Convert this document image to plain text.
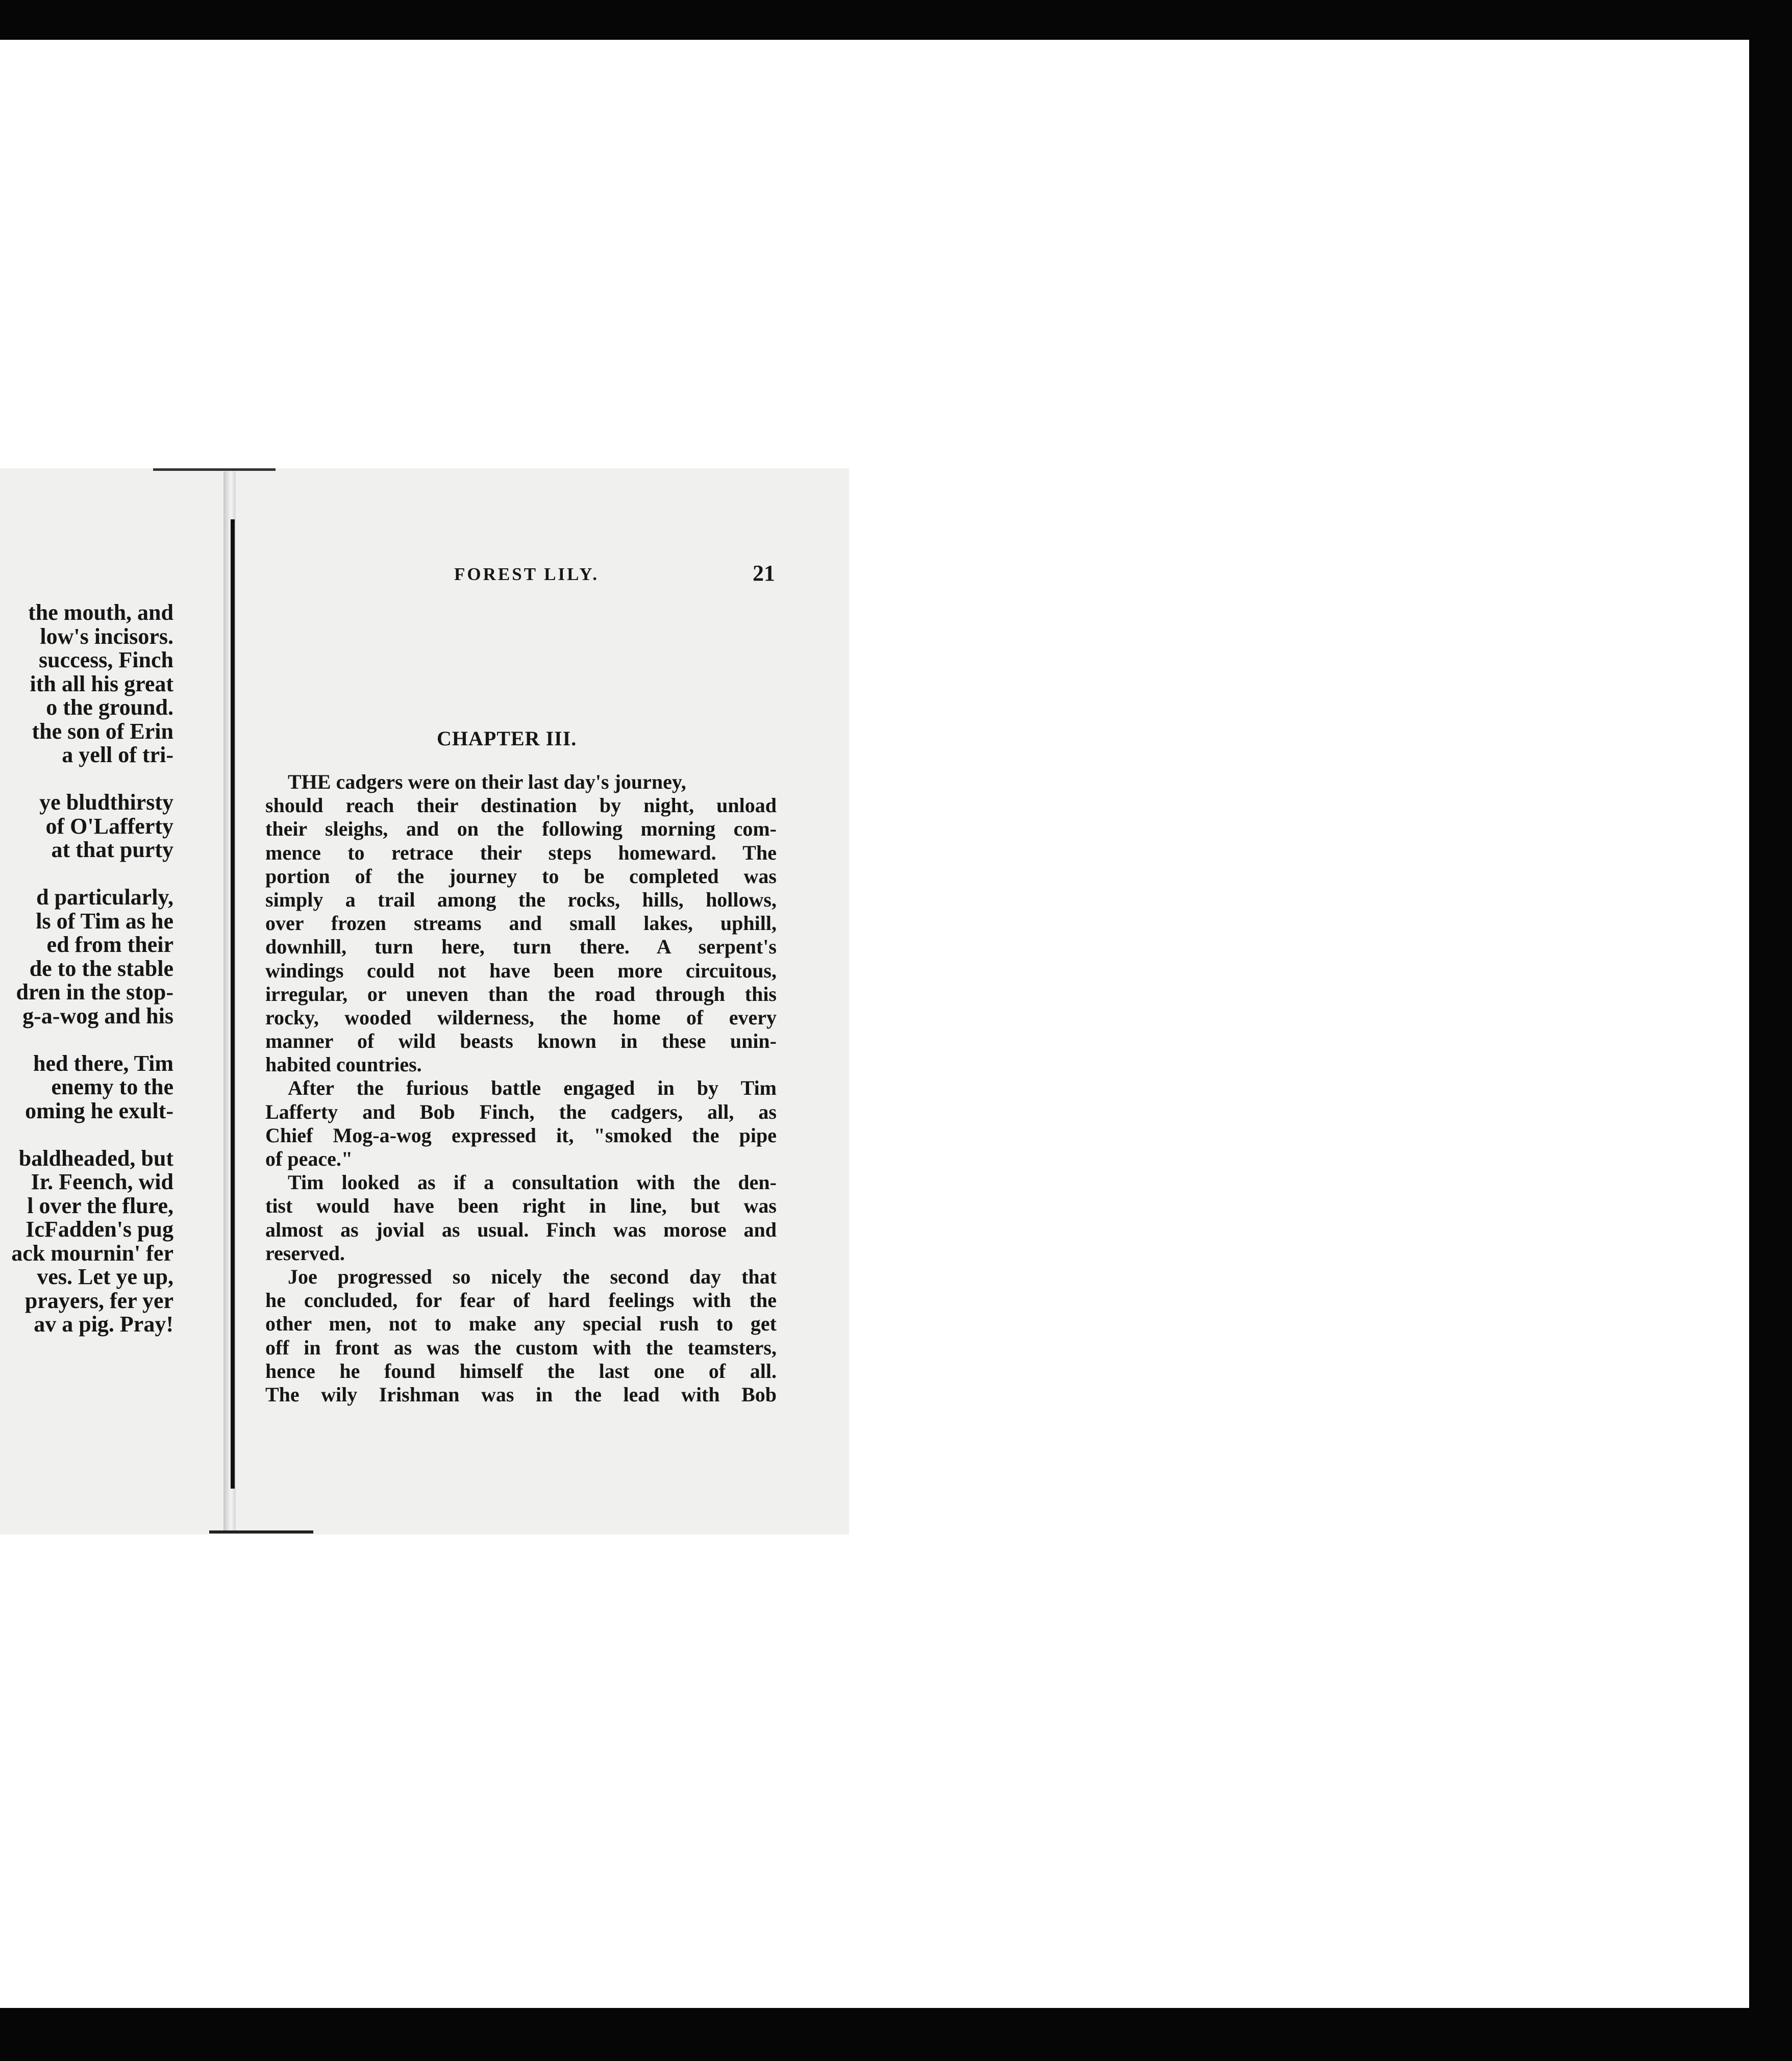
the mouth, and
low's incisors.
success, Finch
ith all his great
o the ground.
the son of Erin
a yell of tri-
ye bludthirsty
of O'Lafferty
at that purty
d particularly,
ls of Tim as he
ed from their
de to the stable
dren in the stop-
g-a-wog and his
hed there, Tim
enemy to the
oming he exult-
baldheaded, but
Ir. Feench, wid
l over the flure,
IcFadden's pug
ack mournin' fer
ves. Let ye up,
prayers, fer yer
av a pig. Pray!
FOREST LILY.	21
CHAPTER III.
THE cadgers were on their last day's journey,
should reach their destination by night, unload
their sleighs, and on the following morning com-
mence to retrace their steps homeward. The
portion of the journey to be completed was
simply a trail among the rocks, hills, hollows,
over frozen streams and small lakes, uphill,
downhill, turn here, turn there. A serpent's
windings could not have been more circuitous,
irregular, or uneven than the road through this
rocky, wooded wilderness, the home of every
manner of wild beasts known in these unin-
habited countries.
After the furious battle engaged in by Tim
Lafferty and Bob Finch, the cadgers, all, as
Chief Mog-a-wog expressed it, "smoked the pipe
of peace."
Tim looked as if a consultation with the den-
tist would have been right in line, but was
almost as jovial as usual. Finch was morose and
reserved.
Joe progressed so nicely the second day that
he concluded, for fear of hard feelings with the
other men, not to make any special rush to get
off in front as was the custom with the teamsters,
hence he found himself the last one of all.
The wily Irishman was in the lead with Bob
